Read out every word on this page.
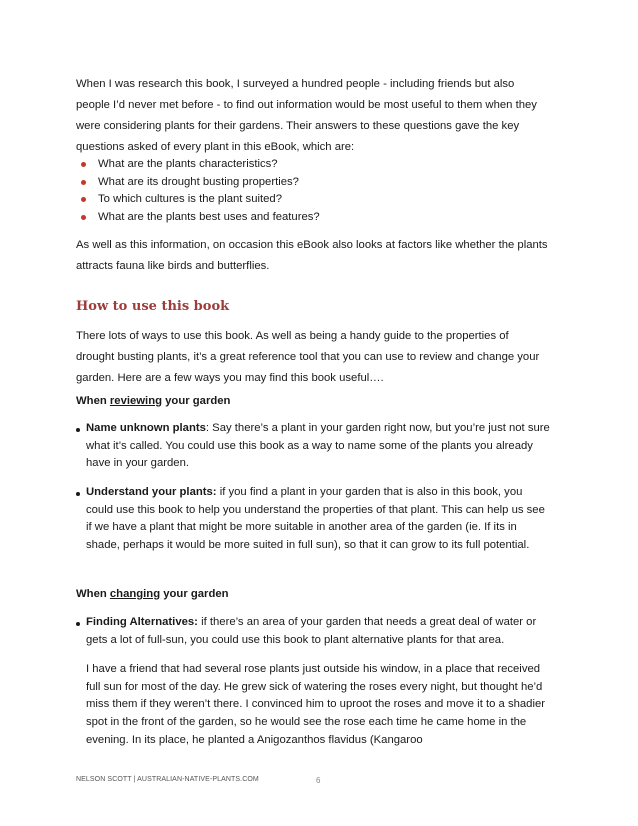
When I was research this book, I surveyed a hundred people - including friends but also people I’d never met before - to find out information would be most useful to them when they were considering plants for their gardens. Their answers to these questions gave the key questions asked of every plant in this eBook, which are:

What are the plants characteristics?
What are its drought busting properties?
To which cultures is the plant suited?
What are the plants best uses and features?

As well as this information, on occasion this eBook also looks at factors like whether the plants attracts fauna like birds and butterflies.

How to use this book

There lots of ways to use this book. As well as being a handy guide to the properties of drought busting plants, it’s a great reference tool that you can use to review and change your garden. Here are a few ways you may find this book useful….

When reviewing your garden

Name unknown plants: Say there’s a plant in your garden right now, but you’re just not sure what it’s called. You could use this book as a way to name some of the plants you already have in your garden.
Understand your plants: if you find a plant in your garden that is also in this book, you could use this book to help you understand the properties of that plant. This can help us see if we have a plant that might be more suitable in another area of the garden (ie. If its in shade, perhaps it would be more suited in full sun), so that it can grow to its full potential.

When changing your garden

Finding Alternatives: if there’s an area of your garden that needs a great deal of water or gets a lot of full-sun, you could use this book to plant alternative plants for that area.
I have a friend that had several rose plants just outside his window, in a place that received full sun for most of the day. He grew sick of watering the roses every night, but thought he’d miss them if they weren’t there. I convinced him to uproot the roses and move it to a shadier spot in the front of the garden, so he would see the rose each time he came home in the evening. In its place, he planted a Anigozanthos flavidus (Kangaroo
NELSON SCOTT | AUSTRALIAN-NATIVE-PLANTS.COM	6
